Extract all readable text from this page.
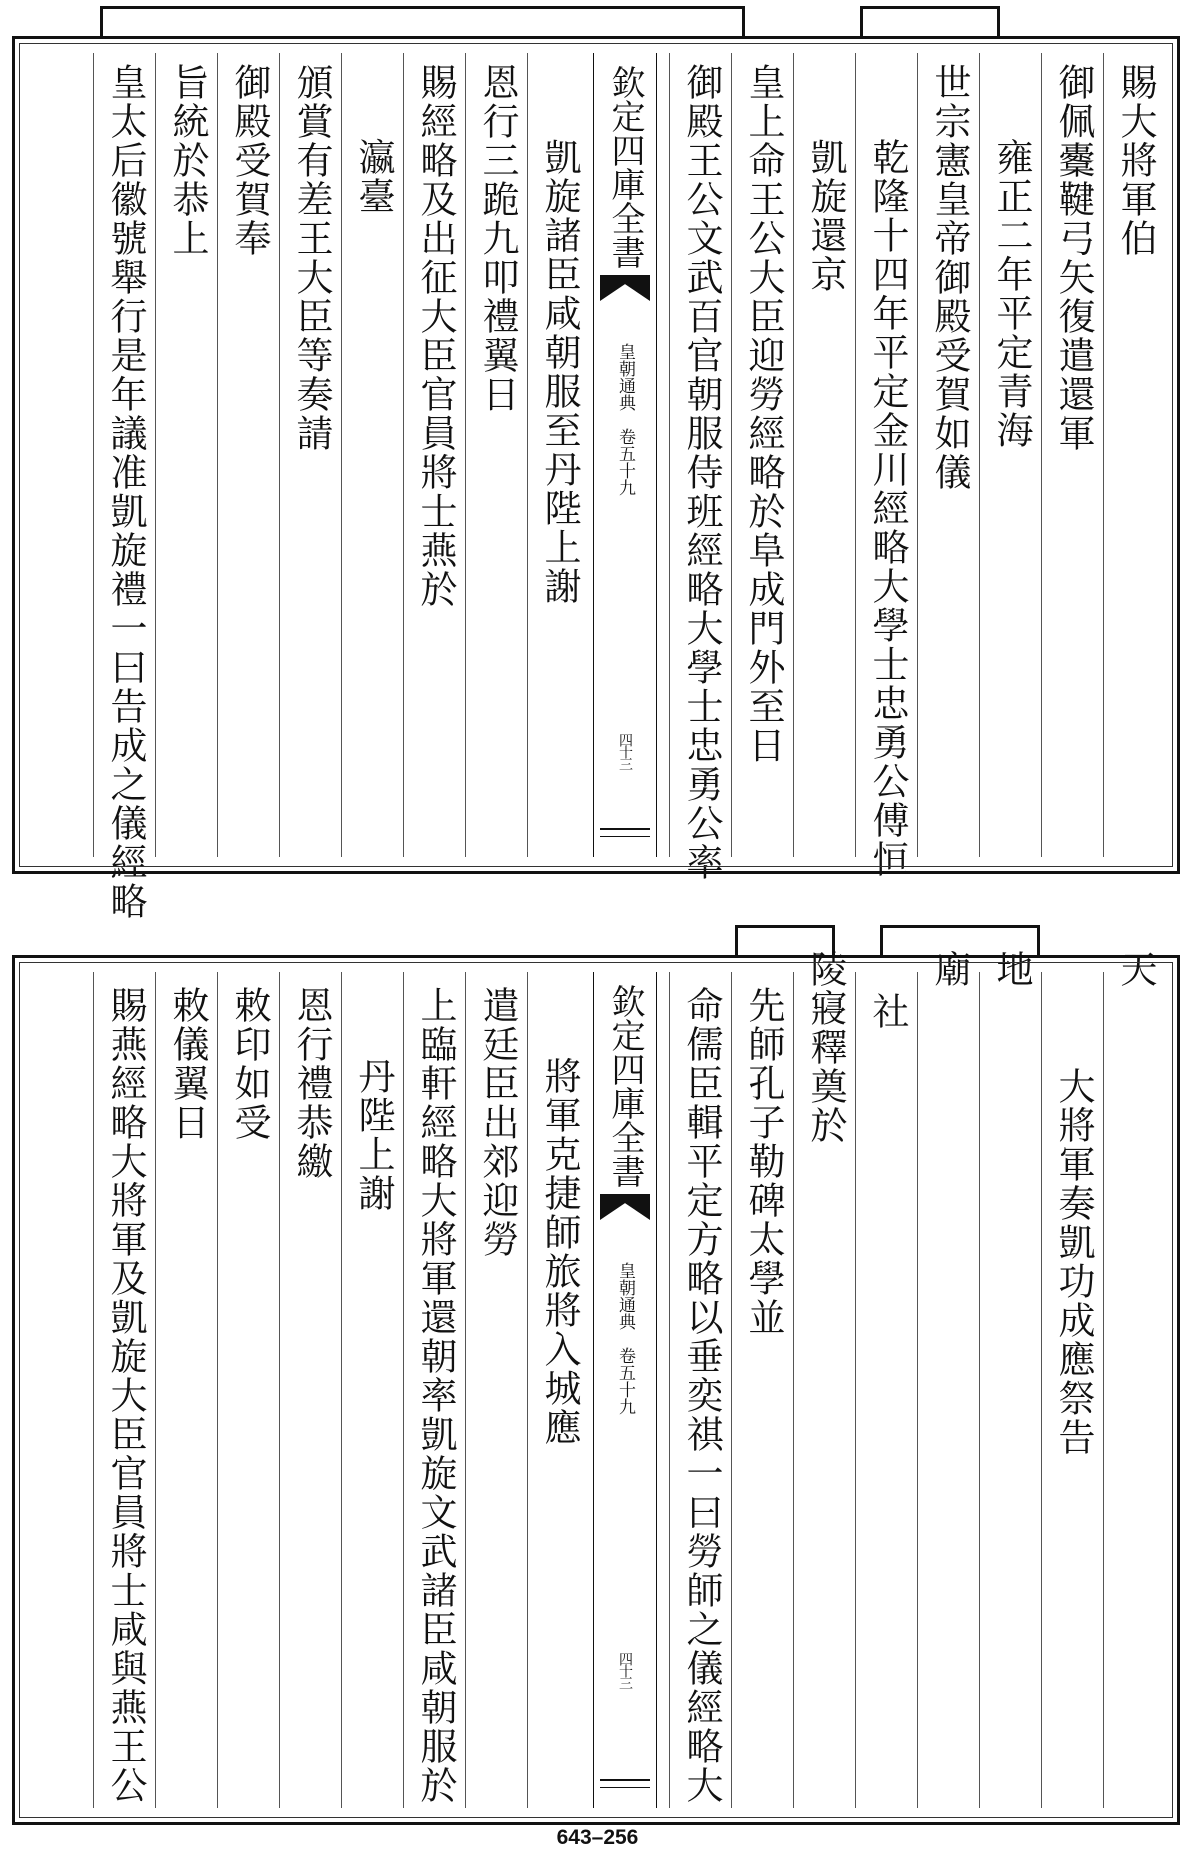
賜大將軍伯
御佩櫜鞬弓矢復遣還軍
雍正二年平定青海
世宗憲皇帝御殿受賀如儀
乾隆十四年平定金川經略大學士忠勇公傅恒
凱旋還京
皇上命王公大臣迎勞經略於阜成門外至日
御殿王公文武百官朝服侍班經略大學士忠勇公率
欽定四庫全書
皇朝通典　卷五十九
四十三
凱旋諸臣咸朝服至丹陛上謝
恩行三跪九叩禮翼日
賜經略及出征大臣官員將士燕於
瀛臺
頒賞有差王大臣等奏請
御殿受賀奉
旨統於恭上
皇太后徽號舉行是年議准凱旋禮一曰告成之儀經略
天
大將軍奏凱功成應祭告
地
廟
社
陵寢釋奠於
先師孔子勒碑太學並
命儒臣輯平定方略以垂奕祺一曰勞師之儀經略大
欽定四庫全書
皇朝通典　卷五十九
四十三
將軍克捷師旅將入城應
遣廷臣出郊迎勞
上臨軒經略大將軍還朝率凱旋文武諸臣咸朝服於
丹陛上謝
恩行禮恭繳
敕印如受
敕儀翼日
賜燕經略大將軍及凱旋大臣官員將士咸與燕王公
643–256
